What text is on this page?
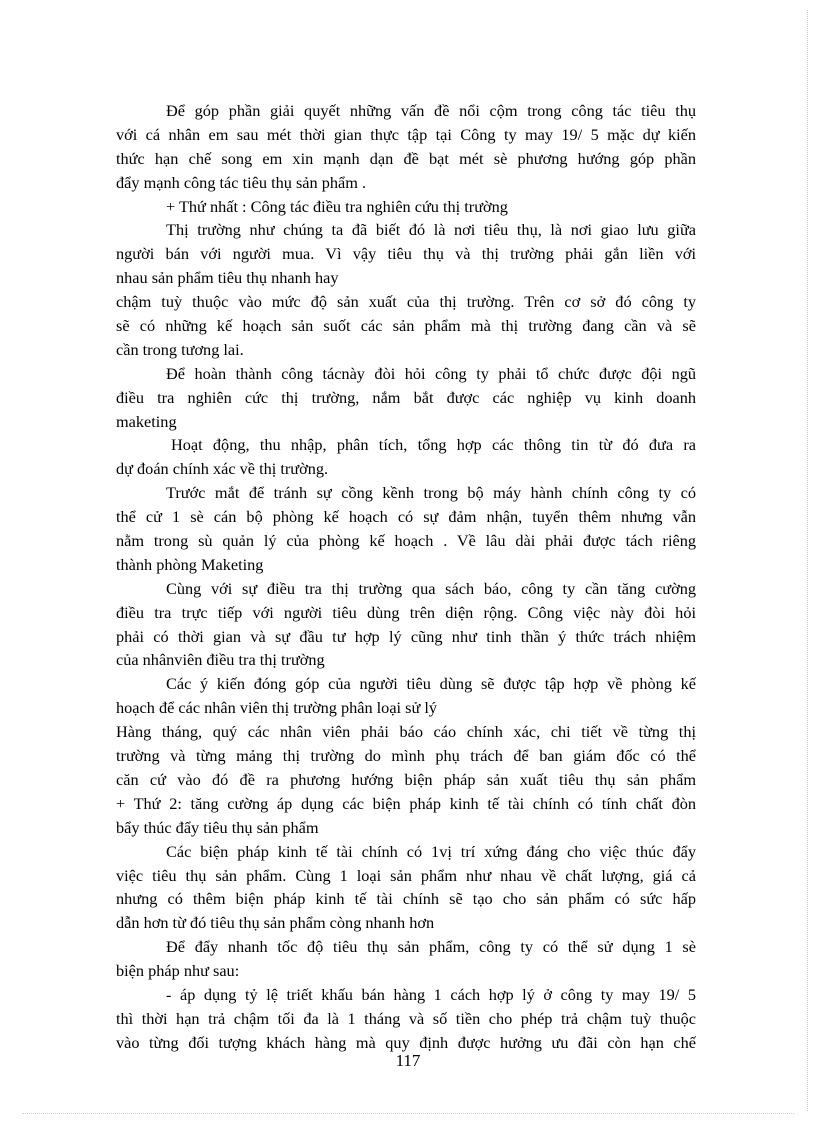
Để góp phần giải quyết những vấn đề nổi cộm trong công tác tiêu thụ
với cá nhân em sau mét thời gian thực tập tại Công ty may 19/ 5 mặc dự kiến
thức hạn chế song em xin mạnh dạn đề bạt mét sè phương hướng góp phần
đẩy mạnh công tác tiêu thụ sản phẩm .
+ Thứ nhất : Công tác điều tra nghiên cứu thị trường
Thị trường như chúng ta đã biết đó là nơi tiêu thụ, là nơi giao lưu giữa
người bán với người mua. Vì vậy tiêu thụ và thị trường phải gắn liền với
nhau sản phẩm tiêu thụ nhanh hay
chậm tuỳ thuộc vào mức độ sản xuất của thị trường. Trên cơ sở đó công ty
sẽ có những kế hoạch sản suốt các sản phẩm mà thị trường đang cần và sẽ
cần trong tương lai.
Để hoàn thành công tácnày đòi hỏi công ty phải tổ chức được đội ngũ
điều tra nghiên cức thị trường, nắm bắt được các nghiệp vụ kinh doanh
maketing
Hoạt động, thu nhập, phân tích, tổng hợp các thông tin từ đó đưa ra
dự đoán chính xác về thị trường.
Trước mắt để tránh sự cồng kềnh trong bộ máy hành chính công ty có
thể cử 1 sè cán bộ phòng kế hoạch có sự đảm nhận, tuyển thêm nhưng vẫn
nằm trong sù quản lý của phòng kế hoạch . Về lâu dài phải được tách riêng
thành phòng Maketing
Cùng với sự điều tra thị trường qua sách báo, công ty cần tăng cường
điều tra trực tiếp với người tiêu dùng trên diện rộng. Công việc này đòi hỏi
phải có thời gian và sự đầu tư hợp lý cũng như tinh thần ý thức trách nhiệm
của nhânviên điều tra thị trường
Các ý kiến đóng góp của người tiêu dùng sẽ được tập hợp về phòng kế
hoạch để các nhân viên thị trường phân loại sử lý
Hàng tháng, quý các nhân viên phải báo cáo chính xác, chi tiết về từng thị
trường và từng mảng thị trường do mình phụ trách để ban giám đốc có thể
căn cứ vào đó đề ra phương hướng biện pháp sản xuất tiêu thụ sản phẩm
+ Thứ 2: tăng cường áp dụng các biện pháp kinh tế tài chính có tính chất đòn
bẩy thúc đẩy tiêu thụ sản phẩm
Các biện pháp kinh tế tài chính có 1vị trí xứng đáng cho việc thúc đẩy
việc tiêu thụ sản phẩm. Cùng 1 loại sản phẩm như nhau về chất lượng, giá cả
nhưng có thêm biện pháp kinh tế tài chính sẽ tạo cho sản phẩm có sức hấp
dẫn hơn từ đó tiêu thụ sản phẩm còng nhanh hơn
Để đẩy nhanh tốc độ tiêu thụ sản phẩm, công ty có thể sử dụng 1 sè
biện pháp như sau:
- áp dụng tỷ lệ triết khấu bán hàng 1 cách hợp lý ở công ty may 19/ 5
thì thời hạn trả chậm tối đa là 1 tháng và số tiền cho phép trả chậm tuỳ thuộc
vào từng đối tượng khách hàng mà quy định được hưởng ưu đãi còn hạn chế
117
